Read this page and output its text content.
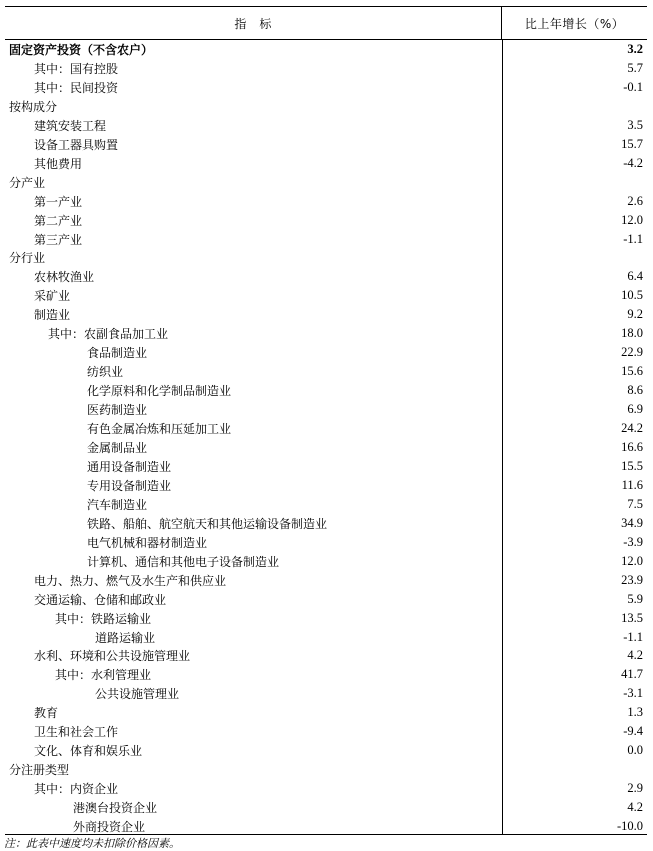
指　标	比上年增长（%）
固定资产投资（不含农户）	3.2
其中：国有控股	5.7
其中：民间投资	-0.1
按构成分
建筑安装工程	3.5
设备工器具购置	15.7
其他费用	-4.2
分产业
第一产业	2.6
第二产业	12.0
第三产业	-1.1
分行业
农林牧渔业	6.4
采矿业	10.5
制造业	9.2
其中：农副食品加工业	18.0
食品制造业	22.9
纺织业	15.6
化学原料和化学制品制造业	8.6
医药制造业	6.9
有色金属冶炼和压延加工业	24.2
金属制品业	16.6
通用设备制造业	15.5
专用设备制造业	11.6
汽车制造业	7.5
铁路、船舶、航空航天和其他运输设备制造业	34.9
电气机械和器材制造业	-3.9
计算机、通信和其他电子设备制造业	12.0
电力、热力、燃气及水生产和供应业	23.9
交通运输、仓储和邮政业	5.9
其中：铁路运输业	13.5
道路运输业	-1.1
水利、环境和公共设施管理业	4.2
其中：水利管理业	41.7
公共设施管理业	-3.1
教育	1.3
卫生和社会工作	-9.4
文化、体育和娱乐业	0.0
分注册类型
其中：内资企业	2.9
港澳台投资企业	4.2
外商投资企业	-10.0
注：此表中速度均未扣除价格因素。
